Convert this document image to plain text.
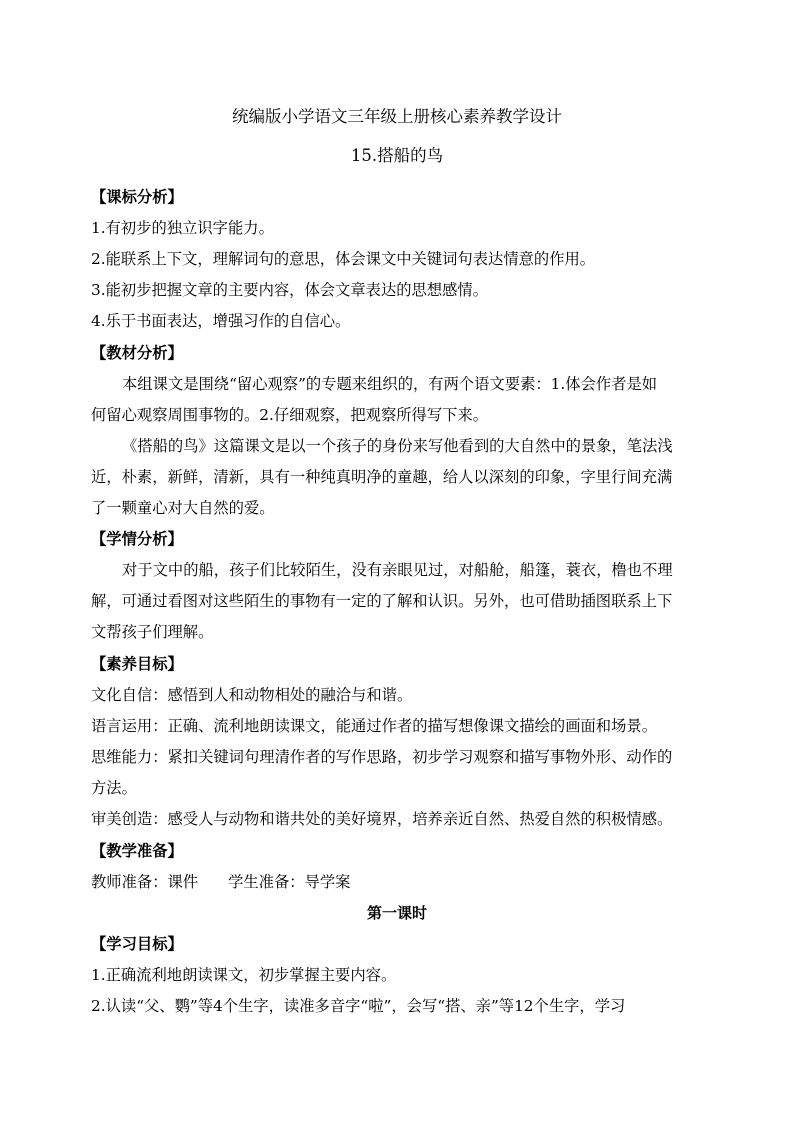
统编版小学语文三年级上册核心素养教学设计
15.搭船的鸟
【课标分析】
1.有初步的独立识字能力。
2.能联系上下文，理解词句的意思，体会课文中关键词句表达情意的作用。
3.能初步把握文章的主要内容，体会文章表达的思想感情。
4.乐于书面表达，增强习作的自信心。
【教材分析】
本组课文是围绕“留心观察”的专题来组织的，有两个语文要素：1.体会作者是如
何留心观察周围事物的。2.仔细观察，把观察所得写下来。
《搭船的鸟》这篇课文是以一个孩子的身份来写他看到的大自然中的景象，笔法浅
近，朴素，新鲜，清新，具有一种纯真明净的童趣，给人以深刻的印象，字里行间充满
了一颗童心对大自然的爱。
【学情分析】
对于文中的船，孩子们比较陌生，没有亲眼见过，对船舱，船篷，蓑衣，橹也不理
解，可通过看图对这些陌生的事物有一定的了解和认识。另外，也可借助插图联系上下
文帮孩子们理解。
【素养目标】
文化自信：感悟到人和动物相处的融洽与和谐。
语言运用：正确、流利地朗读课文，能通过作者的描写想像课文描绘的画面和场景。
思维能力：紧扣关键词句理清作者的写作思路，初步学习观察和描写事物外形、动作的
方法。
审美创造：感受人与动物和谐共处的美好境界，培养亲近自然、热爱自然的积极情感。
【教学准备】
教师准备：课件 学生准备：导学案
第一课时
【学习目标】
1.正确流利地朗读课文，初步掌握主要内容。
2.认读“父、鹦”等4个生字，读准多音字“啦”，会写“搭、亲”等12个生字，学习
